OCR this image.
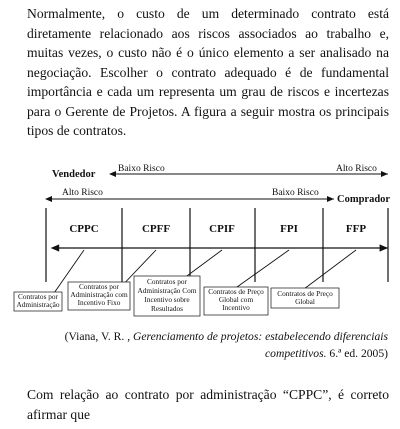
Normalmente, o custo de um determinado contrato está diretamente relacionado aos riscos associados ao trabalho e, muitas vezes, o custo não é o único elemento a ser analisado na negociação. Escolher o contrato adequado é de fundamental importância e cada um representa um grau de riscos e incertezas para o Gerente de Projetos. A figura a seguir mostra os principais tipos de contratos.

Vendedor Baixo Risco	Alto Risco
Alto Risco	Baixo Risco
Comprador
CPPC	CPFF	CPIF	FPI	FFP
Contratos por
Administração
Contratos por
Administração com
Incentivo Fixo
Contratos por
Administração Com
Incentivo sobre
Resultados
Contratos de Preço
Global com
Incentivo
Contratos de Preço
Global

(Viana, V. R. , Gerenciamento de projetos: estabelecendo diferenciais competitivos. 6.ª ed. 2005)

Com relação ao contrato por administração “CPPC”, é correto afirmar que
